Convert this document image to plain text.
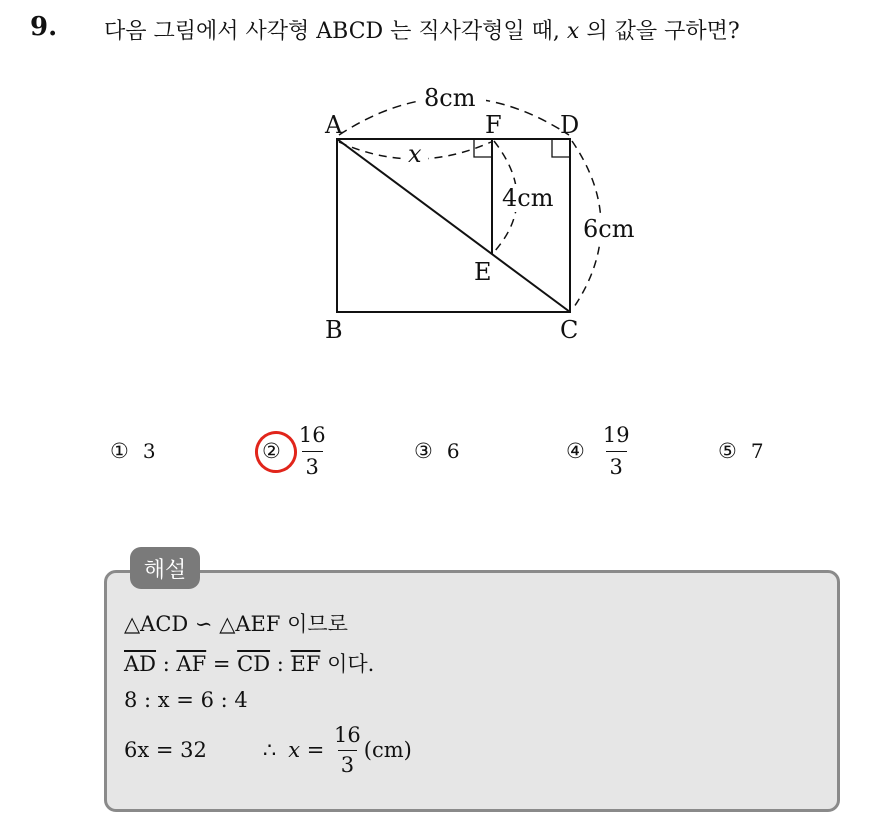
9. 다음 그림에서 사각형 ABCD 는 직사각형일 때, x 의 값을 구하면?
A	F D
B	C
E
8cm
x
4cm
6cm
① 3	② $\frac{16}{3}$	③ 6	④ $\frac{19}{3}$	⑤ 7
해설
△ACD ∽ △AEF 이므로
$\overline{AD}$ : $\overline{AF} = \overline{CD}$ : $\overline{EF}$ 이다.
8 : x = 6 : 4
6x = 32	∴ $x = \frac{16}{3} (cm)$
